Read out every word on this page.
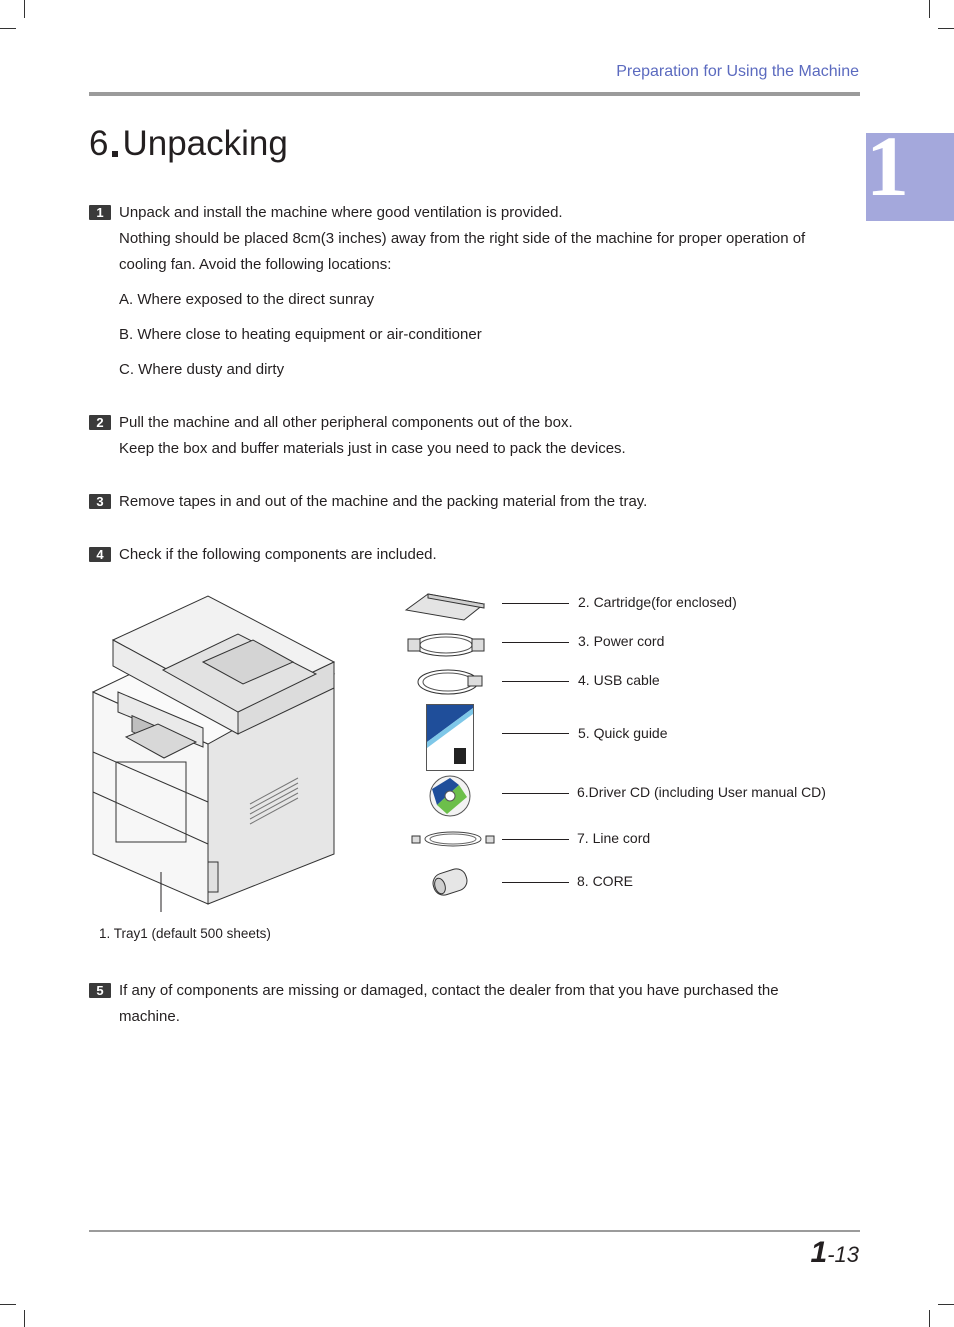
Preparation for Using the Machine
1
6 Unpacking
1	Unpack and install the machine where good ventilation is provided.
Nothing should be placed 8cm(3 inches) away from the right side of the machine for proper operation of
cooling fan. Avoid the following locations:
A. Where exposed to the direct sunray
B. Where close to heating equipment or air-conditioner
C. Where dusty and dirty
2	Pull the machine and all other peripheral components out of the box.
Keep the box and buffer materials just in case you need to pack the devices.
3	Remove tapes in and out of the machine and the packing material from the tray.
4	Check if the following components are included.
1. Tray1 (default 500 sheets)
2. Cartridge(for enclosed)
3. Power cord
4. USB cable
5. Quick guide
6.Driver CD (including User manual CD)
7. Line cord
8. CORE
5	If any of components are missing or damaged, contact the dealer from that you have purchased the
machine.
1-13
